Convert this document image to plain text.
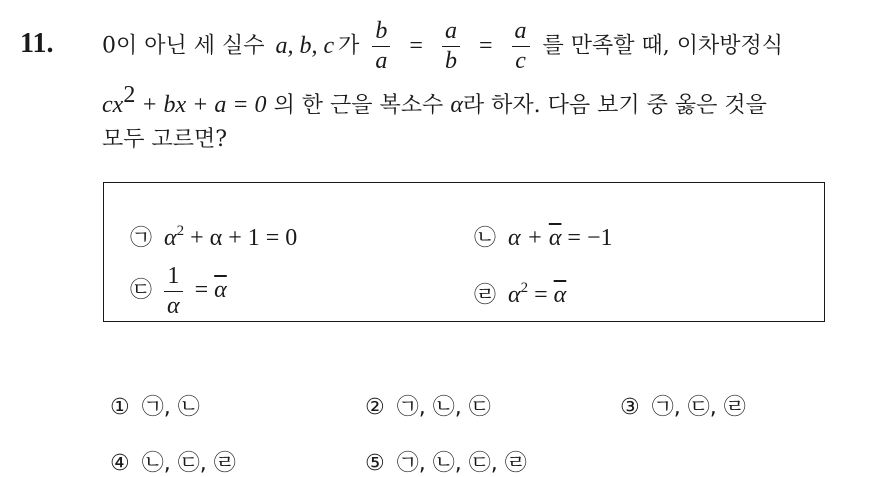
11. 0이 아닌 세 실수 a, b, c 가 $\frac{b}{a} = \frac{a}{b} = \frac{a}{c}$ 를 만족할 때, 이차방정식
$cx^2$ + bx + a = 0 의 한 근을 복소수 α라 하자. 다음 보기 중 옳은 것을
모두 고르면?
㉠ $\alpha^2 + \alpha + 1 = 0$	㉡ $\alpha + \overline{\alpha} = -1$
㉢ $\frac{1}{\alpha} = \overline{\alpha}$	㉣ $\alpha^2 = \overline{\alpha}$
① ㉠, ㉡	② ㉠, ㉡, ㉢	③ ㉠, ㉢, ㉣
④ ㉡, ㉢, ㉣	⑤ ㉠, ㉡, ㉢, ㉣
